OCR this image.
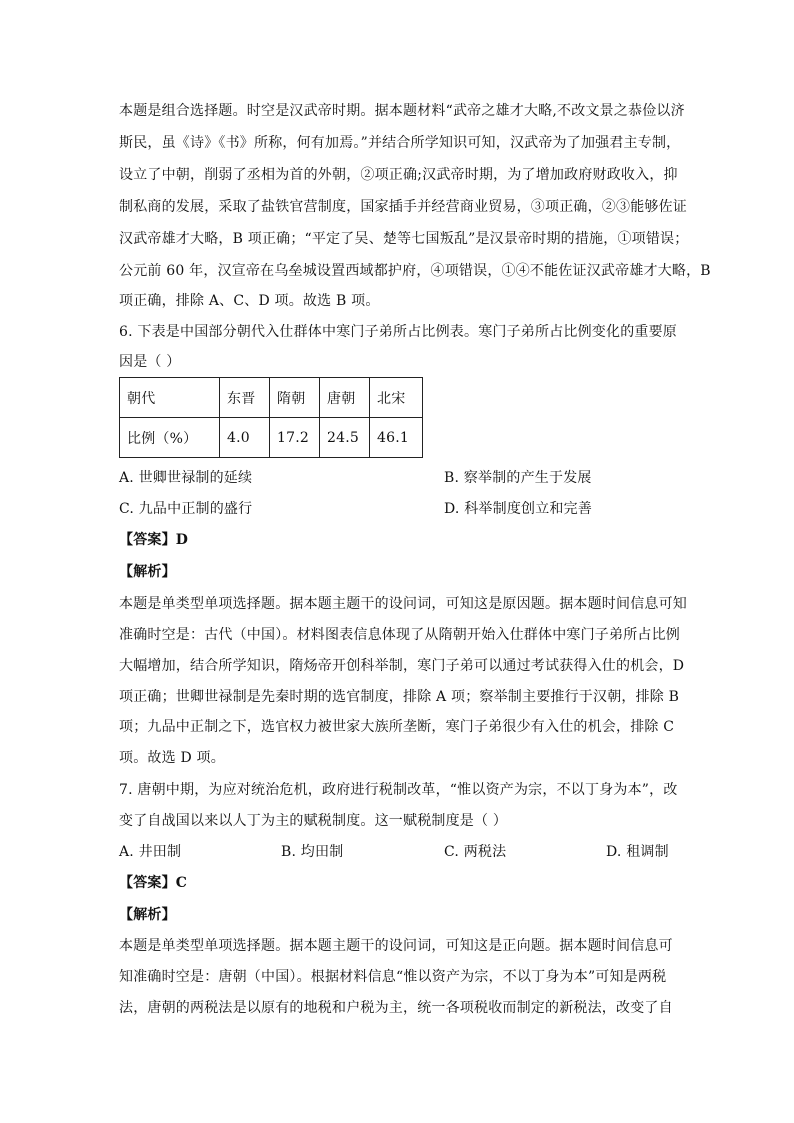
本题是组合选择题。时空是汉武帝时期。据本题材料“武帝之雄才大略,不改文景之恭俭以济
斯民，虽《诗》《书》所称，何有加焉。”并结合所学知识可知，汉武帝为了加强君主专制，
设立了中朝，削弱了丞相为首的外朝，②项正确;汉武帝时期，为了增加政府财政收入，抑
制私商的发展，采取了盐铁官营制度，国家插手并经营商业贸易，③项正确，②③能够佐证
汉武帝雄才大略，B 项正确；“平定了吴、楚等七国叛乱”是汉景帝时期的措施，①项错误；
公元前 60 年，汉宣帝在乌垒城设置西域都护府，④项错误，①④不能佐证汉武帝雄才大略，B
项正确，排除 A、C、D 项。故选 B 项。
6. 下表是中国部分朝代入仕群体中寒门子弟所占比例表。寒门子弟所占比例变化的重要原
因是（ ）
朝代	东晋	隋朝	唐朝	北宋
比例（%）	4.0	17.2	24.5	46.1
A. 世卿世禄制的延续	B. 察举制的产生于发展
C. 九品中正制的盛行	D. 科举制度创立和完善
【答案】D
【解析】
本题是单类型单项选择题。据本题主题干的设问词，可知这是原因题。据本题时间信息可知
准确时空是：古代（中国）。材料图表信息体现了从隋朝开始入仕群体中寒门子弟所占比例
大幅增加，结合所学知识，隋炀帝开创科举制，寒门子弟可以通过考试获得入仕的机会，D
项正确；世卿世禄制是先秦时期的选官制度，排除 A 项；察举制主要推行于汉朝，排除 B
项；九品中正制之下，选官权力被世家大族所垄断，寒门子弟很少有入仕的机会，排除 C
项。故选 D 项。
7. 唐朝中期，为应对统治危机，政府进行税制改革，“惟以资产为宗，不以丁身为本”，改
变了自战国以来以人丁为主的赋税制度。这一赋税制度是（ ）
A. 井田制	B. 均田制	C. 两税法	D. 租调制
【答案】C
【解析】
本题是单类型单项选择题。据本题主题干的设问词，可知这是正向题。据本题时间信息可
知准确时空是：唐朝（中国）。根据材料信息“惟以资产为宗，不以丁身为本”可知是两税
法，唐朝的两税法是以原有的地税和户税为主，统一各项税收而制定的新税法，改变了自
